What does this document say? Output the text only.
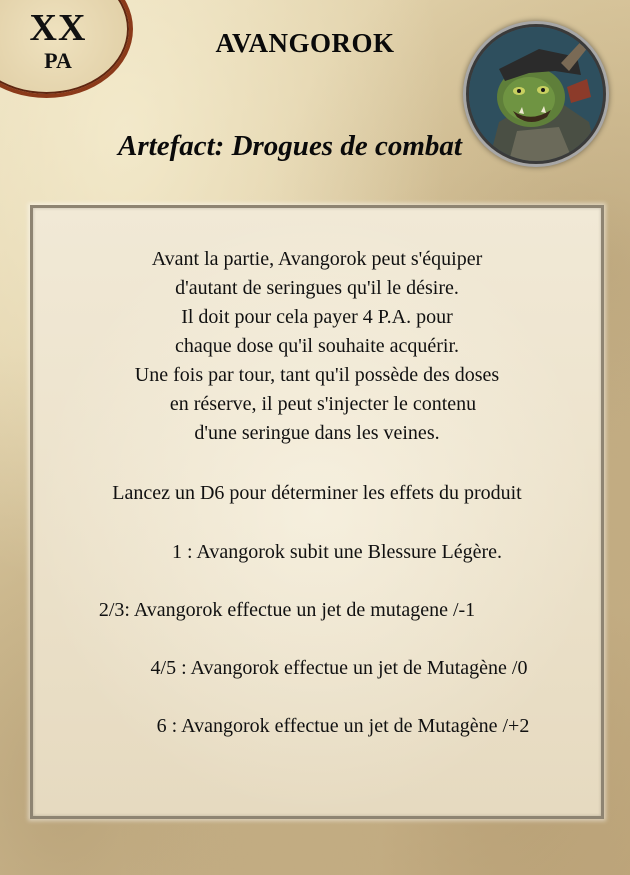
XX
PA
AVANGOROK
Artefact: Drogues de combat
Avant la partie, Avangorok peut s'équiper
d'autant de seringues qu'il le désire.
Il doit pour cela payer 4 P.A. pour
chaque dose qu'il souhaite acquérir.
Une fois par tour, tant qu'il possède des doses
en réserve, il peut s'injecter le contenu
d'une seringue dans les veines.
Lancez un D6 pour déterminer les effets du produit
1 : Avangorok subit une Blessure Légère.
2/3: Avangorok effectue un jet de mutagene /-1
4/5 : Avangorok effectue un jet de Mutagène /0
6 : Avangorok effectue un jet de Mutagène /+2
